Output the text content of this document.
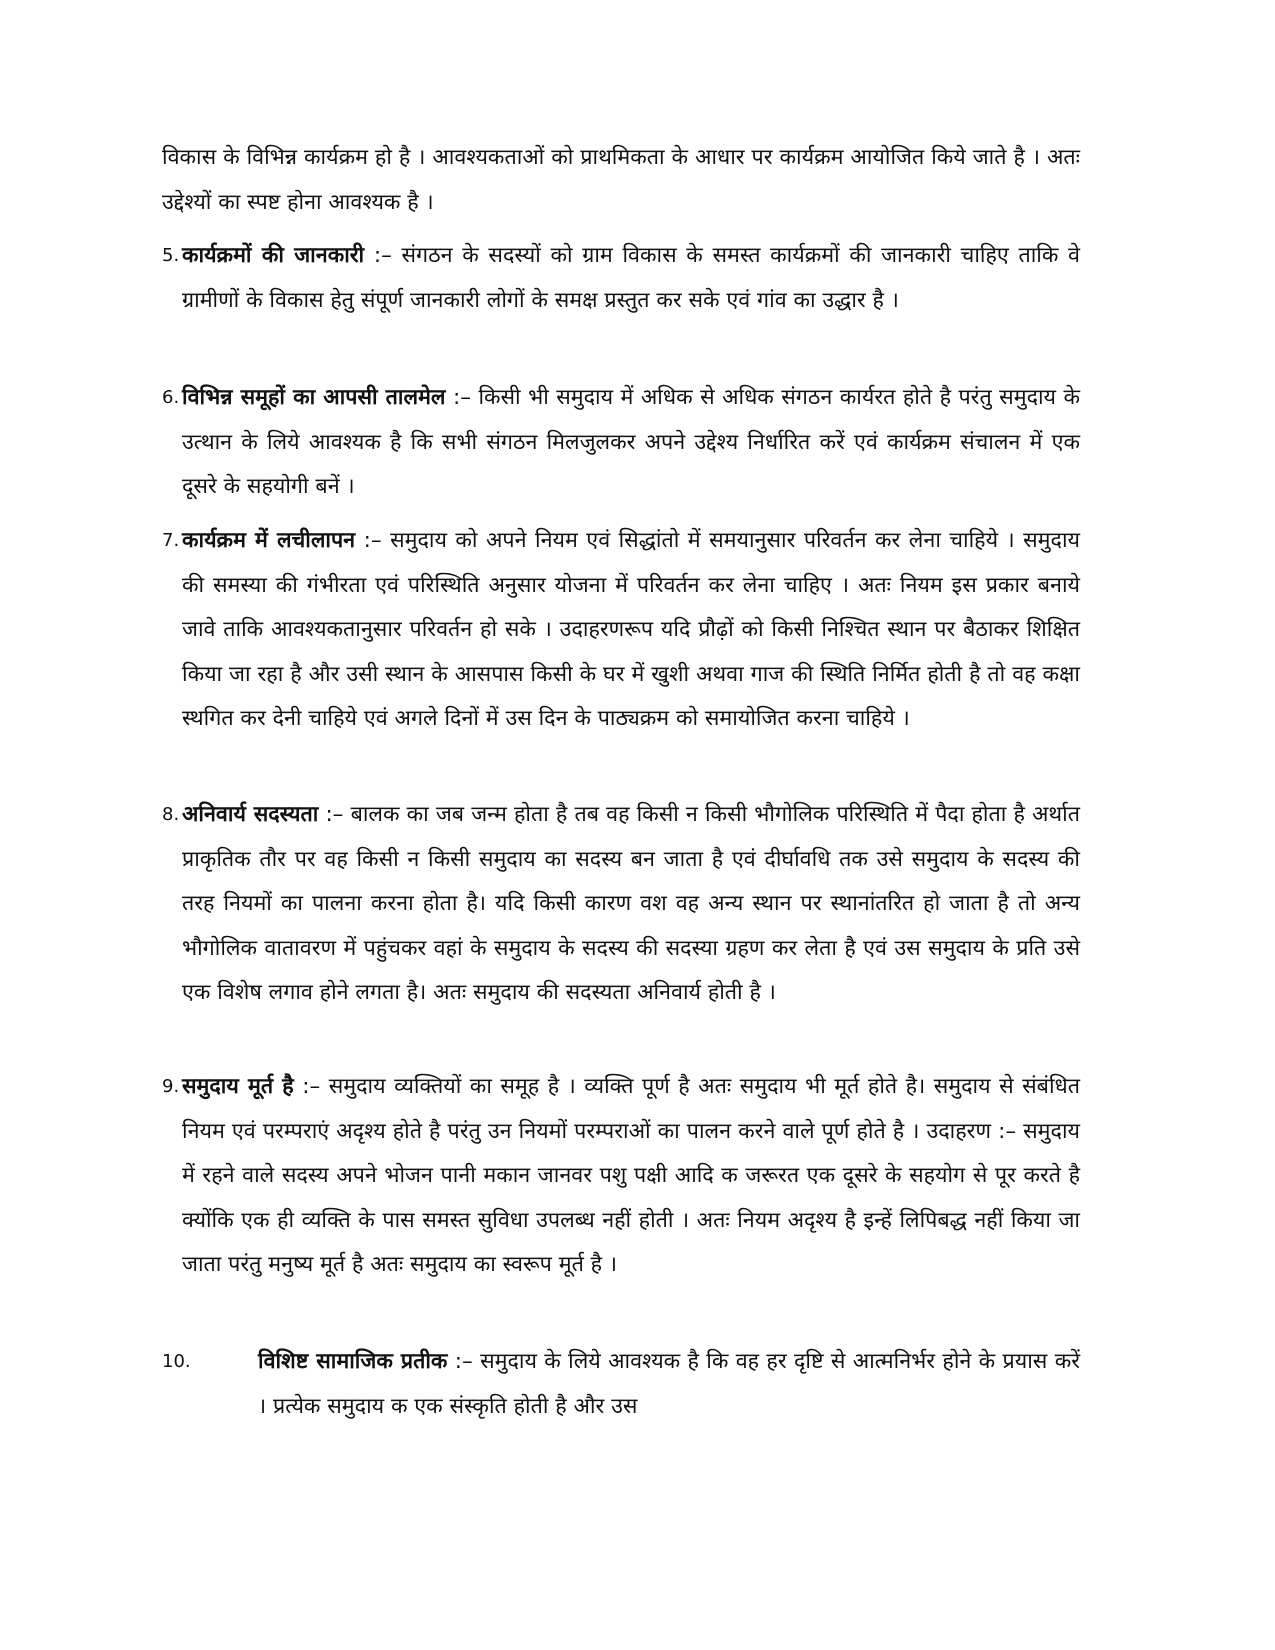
विकास के विभिन्न कार्यक्रम हो है । आवश्यकताओं को प्राथमिकता के आधार पर कार्यक्रम आयोजित किये जाते है । अतः उद्देश्यों का स्पष्ट होना आवश्यक है ।
5. कार्यक्रमों की जानकारी :– संगठन के सदस्यों को ग्राम विकास के समस्त कार्यक्रमों की जानकारी चाहिए ताकि वे ग्रामीणों के विकास हेतु संपूर्ण जानकारी लोगों के समक्ष प्रस्तुत कर सके एवं गांव का उद्धार है ।
6. विभिन्न समूहों का आपसी तालमेल :– किसी भी समुदाय में अधिक से अधिक संगठन कार्यरत होते है परंतु समुदाय के उत्थान के लिये आवश्यक है कि सभी संगठन मिलजुलकर अपने उद्देश्य निर्धारित करें एवं कार्यक्रम संचालन में एक दूसरे के सहयोगी बनें ।
7. कार्यक्रम में लचीलापन :– समुदाय को अपने नियम एवं सिद्धांतो में समयानुसार परिवर्तन कर लेना चाहिये । समुदाय की समस्या की गंभीरता एवं परिस्थिति अनुसार योजना में परिवर्तन कर लेना चाहिए । अतः नियम इस प्रकार बनाये जावे ताकि आवश्यकतानुसार परिवर्तन हो सके । उदाहरणरूप यदि प्रौढ़ों को किसी निश्चित स्थान पर बैठाकर शिक्षित किया जा रहा है और उसी स्थान के आसपास किसी के घर में खुशी अथवा गाज की स्थिति निर्मित होती है तो वह कक्षा स्थगित कर देनी चाहिये एवं अगले दिनों में उस दिन के पाठ्यक्रम को समायोजित करना चाहिये ।
8. अनिवार्य सदस्यता :– बालक का जब जन्म होता है तब वह किसी न किसी भौगोलिक परिस्थिति में पैदा होता है अर्थात प्राकृतिक तौर पर वह किसी न किसी समुदाय का सदस्य बन जाता है एवं दीर्घावधि तक उसे समुदाय के सदस्य की तरह नियमों का पालना करना होता है। यदि किसी कारण वश वह अन्य स्थान पर स्थानांतरित हो जाता है तो अन्य भौगोलिक वातावरण में पहुंचकर वहां के समुदाय के सदस्य की सदस्या ग्रहण कर लेता है एवं उस समुदाय के प्रति उसे एक विशेष लगाव होने लगता है। अतः समुदाय की सदस्यता अनिवार्य होती है ।
9. समुदाय मूर्त है :– समुदाय व्यक्तियों का समूह है । व्यक्ति पूर्ण है अतः समुदाय भी मूर्त होते है। समुदाय से संबंधित नियम एवं परम्पराएं अदृश्य होते है परंतु उन नियमों परम्पराओं का पालन करने वाले पूर्ण होते है । उदाहरण :– समुदाय में रहने वाले सदस्य अपने भोजन पानी मकान जानवर पशु पक्षी आदि क जरूरत एक दूसरे के सहयोग से पूर करते है क्योंकि एक ही व्यक्ति के पास समस्त सुविधा उपलब्ध नहीं होती । अतः नियम अदृश्य है इन्हें लिपिबद्ध नहीं किया जा जाता परंतु मनुष्य मूर्त है अतः समुदाय का स्वरूप मूर्त है ।
10.	विशिष्ट सामाजिक प्रतीक :– समुदाय के लिये आवश्यक है कि वह हर दृष्टि से आत्मनिर्भर होने के प्रयास करें । प्रत्येक समुदाय क एक संस्कृति होती है और उस
